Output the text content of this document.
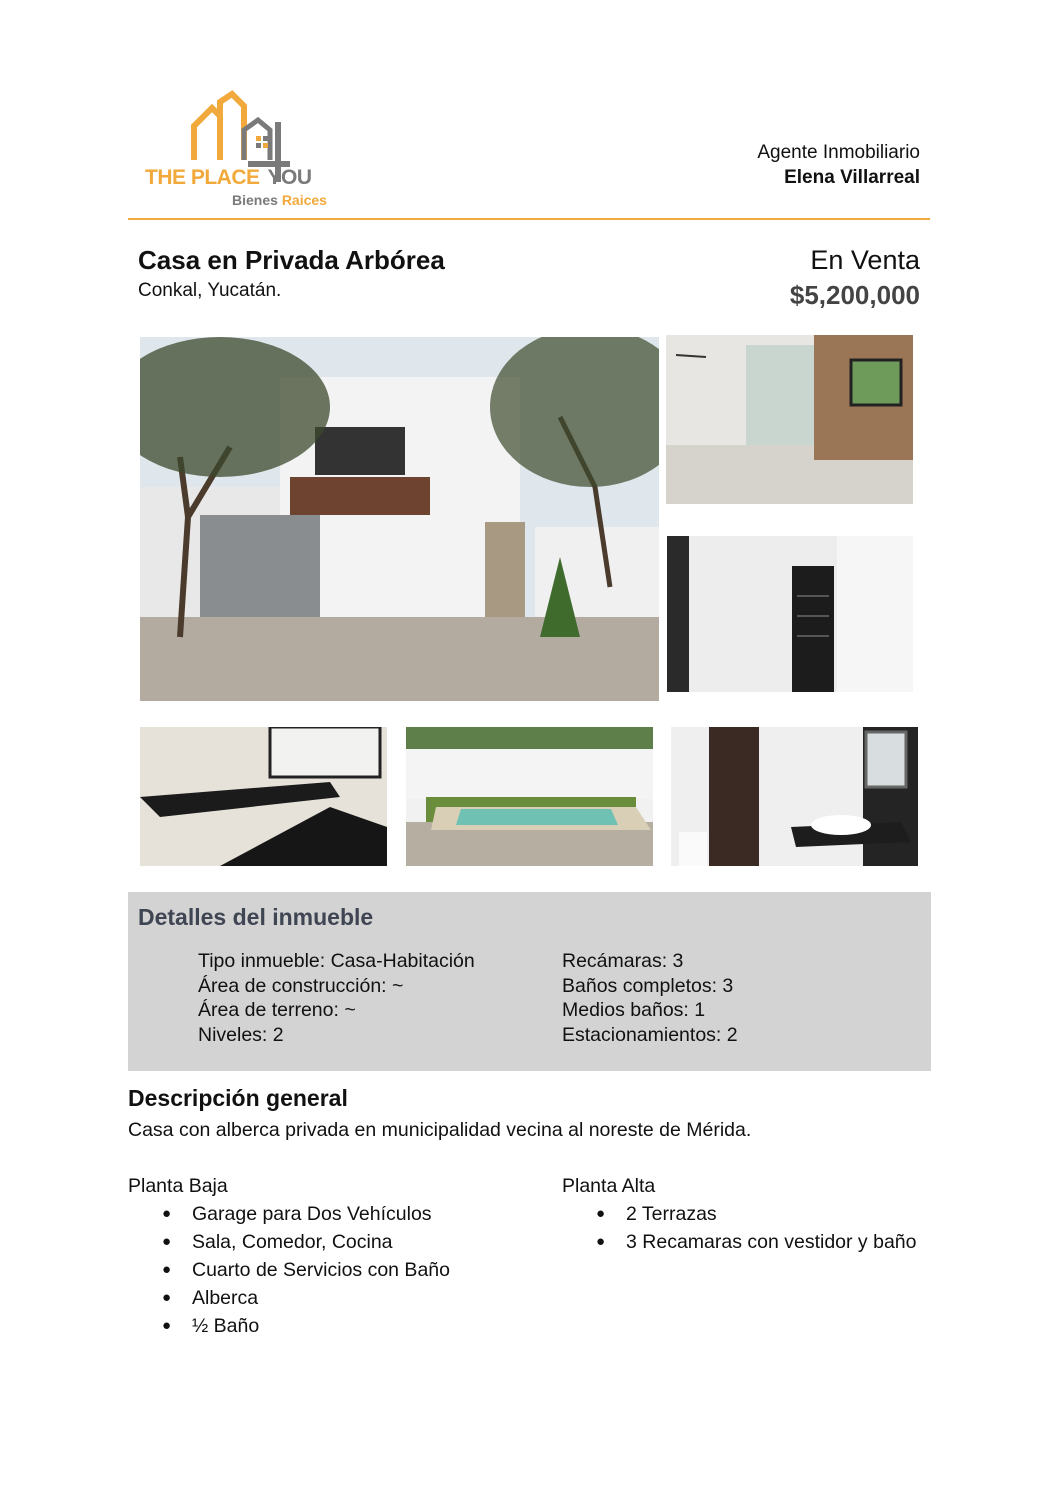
THE PLACE YOU
Bienes Raices
Agente Inmobiliario
Elena Villarreal
Casa en Privada Arbórea
Conkal, Yucatán.
En Venta
$5,200,000
Detalles del inmueble
Tipo inmueble: Casa-Habitación
Área de construcción: ~
Área de terreno: ~
Niveles: 2
Recámaras: 3
Baños completos: 3
Medios baños: 1
Estacionamientos: 2
Descripción general
Casa con alberca privada en municipalidad vecina al noreste de Mérida.
Planta Baja
● Garage para Dos Vehículos
● Sala, Comedor, Cocina
● Cuarto de Servicios con Baño
● Alberca
● ½ Baño
Planta Alta
● 2 Terrazas
● 3 Recamaras con vestidor y baño
